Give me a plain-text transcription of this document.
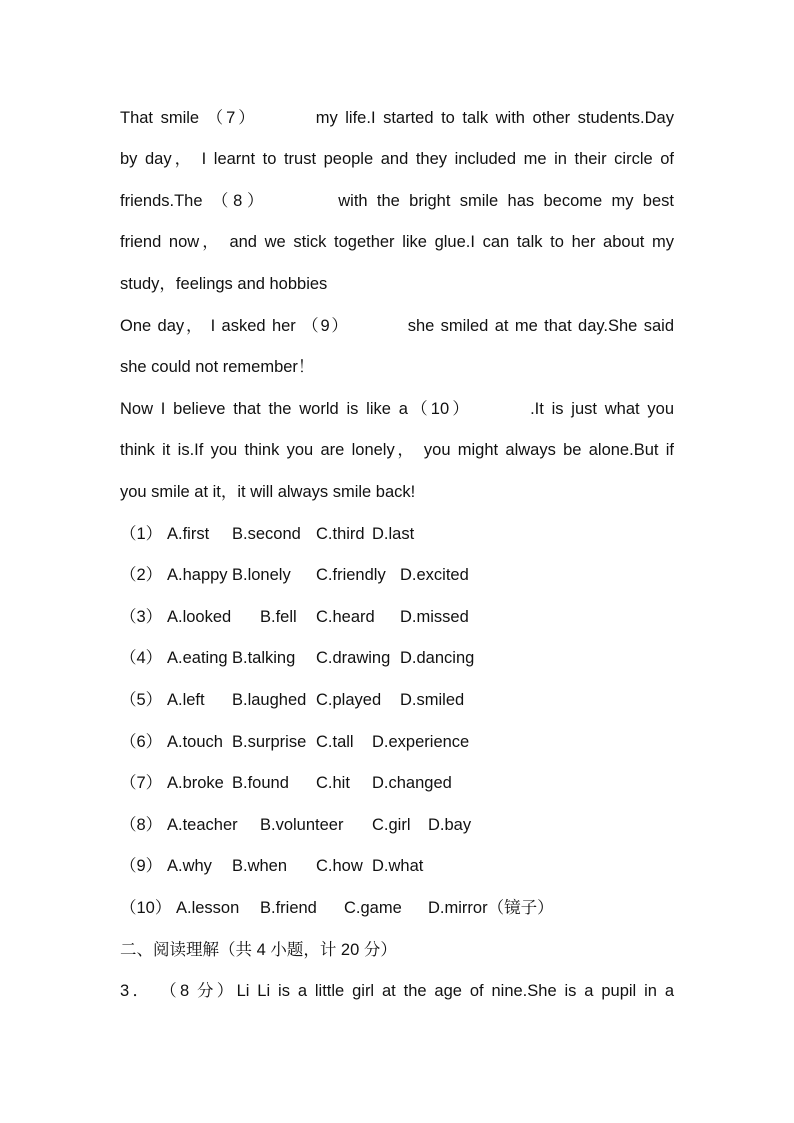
That smile （7）	my life.I started to talk with other students.Day
by day， I learnt to trust people and they included me in their circle of
friends.The （8）	with the bright smile has become my best
friend now， and we stick together like glue.I can talk to her about my
study，feelings and hobbies
One day， I asked her （9）	she smiled at me that day.She said
she could not remember！
Now I believe that the world is like a（10）	.It is just what you
think it is.If you think you are lonely， you might always be alone.But if
you smile at it，it will always smile back!
（1） A.first B.second C.third D.last
（2） A.happy B.lonely C.friendly D.excited
（3） A.looked B.fell C.heard D.missed
（4） A.eating B.talking C.drawing D.dancing
（5） A.left B.laughed C.played D.smiled
（6） A.touch B.surprise C.tall D.experience
（7） A.broke B.found C.hit D.changed
（8） A.teacher B.volunteer C.girl D.bay
（9） A.why B.when C.how D.what
（10） A.lesson B.friend C.game D.mirror（镜子）
二、阅读理解（共 4 小题，计 20 分）
3． （8 分）Li Li is a little girl at the age of nine.She is a pupil in a
